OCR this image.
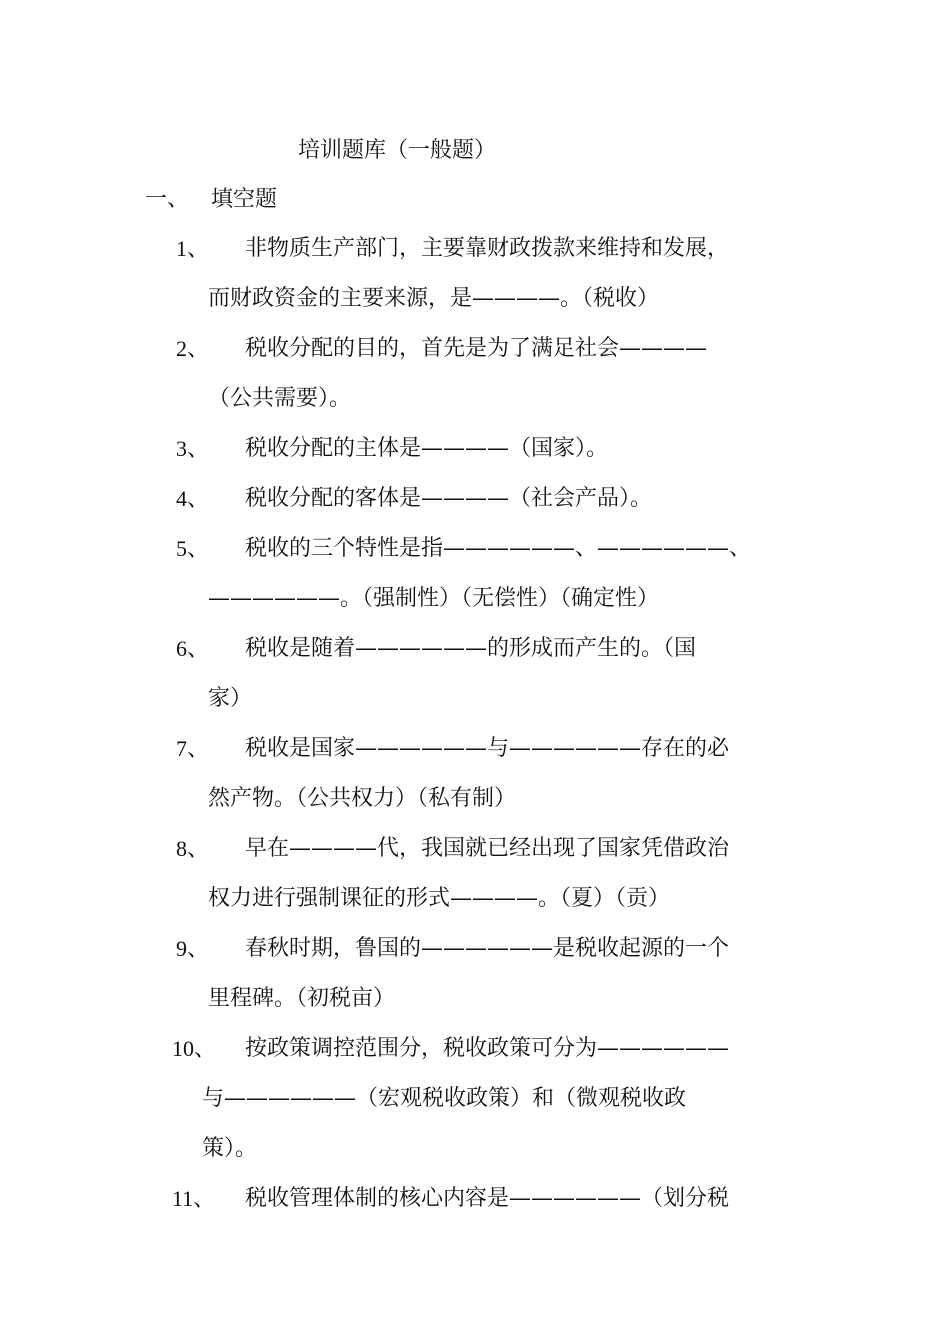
培训题库（一般题）
一、 填空题
1、	非物质生产部门，主要靠财政拨款来维持和发展，
而财政资金的主要来源，是————。（税收）
2、	税收分配的目的，首先是为了满足社会————
（公共需要）。
3、	税收分配的主体是————（国家）。
4、	税收分配的客体是————（社会产品）。
5、	税收的三个特性是指——————、——————、
——————。（强制性）（无偿性）（确定性）
6、	税收是随着——————的形成而产生的。（国
家）
7、	税收是国家——————与——————存在的必
然产物。（公共权力）（私有制）
8、	早在————代，我国就已经出现了国家凭借政治
权力进行强制课征的形式————。（夏）（贡）
9、	春秋时期，鲁国的——————是税收起源的一个
里程碑。（初税亩）
10、	按政策调控范围分，税收政策可分为——————
与——————（宏观税收政策）和（微观税收政
策）。
11、	税收管理体制的核心内容是——————（划分税
